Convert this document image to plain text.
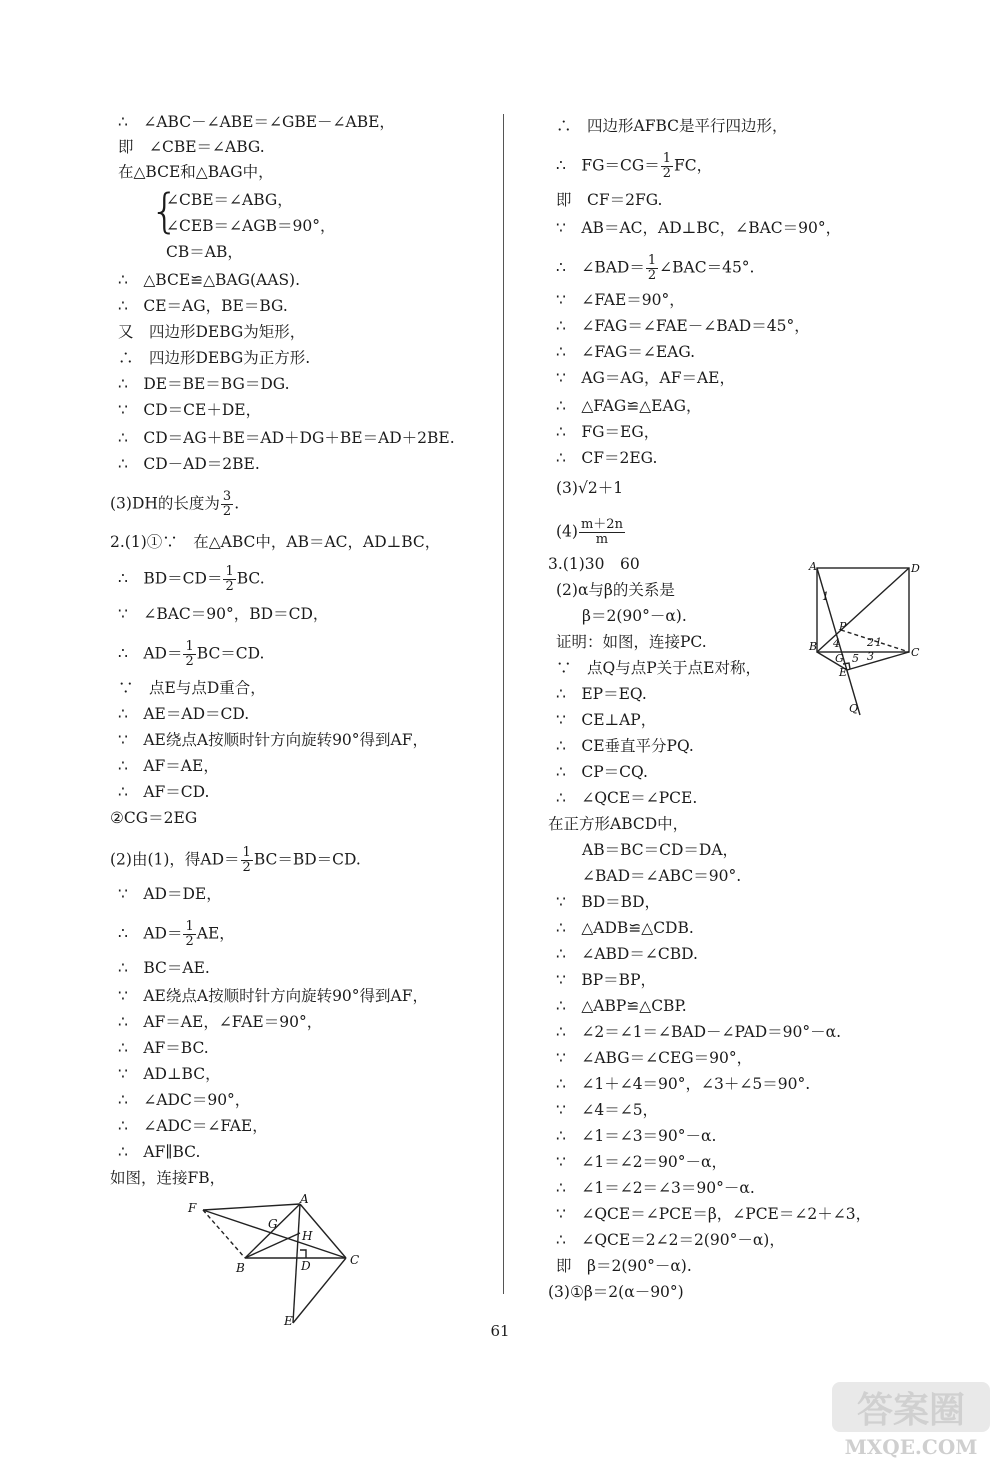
∴　∠ABC－∠ABE＝∠GBE－∠ABE，
即　∠CBE＝∠ABG.
在△BCE和△BAG中，
∠CBE＝∠ABG，
∠CEB＝∠AGB＝90°，
CB＝AB，
∴　△BCE≌△BAG(AAS).
∴　CE＝AG，BE＝BG.
又　四边形DEBG为矩形，
∴　四边形DEBG为正方形.
∴　DE＝BE＝BG＝DG.
∵　CD＝CE＋DE，
∴　CD＝AG＋BE＝AD＋DG＋BE＝AD＋2BE.
∴　CD－AD＝2BE.
2.(1)①∵　在△ABC中，AB＝AC，AD⊥BC，
∴　$BD=CD= \frac{1}{2}$ BC.
∵　∠BAC＝90°，BD＝CD，
∴　$AD= \frac{1}{2} BC=CD$.
∵　点E与点D重合，
∴　AE＝AD＝CD.
∵　AE绕点A按顺时针方向旋转90°得到AF，
∴　AF＝AE，
∴　AF＝CD.
②CG＝2EG
(2)由(1)，得$AD= \frac{1}{2} BC=BD=CD$.
∵　AD＝DE，
∴　$AD= \frac{1}{2}$ AE，
∴　BC＝AE.
∵　AE绕点A按顺时针方向旋转90°得到AF，
∴　AF＝AE，∠FAE＝90°，
∴　AF＝BC.
∵　AD⊥BC，
∴　∠ADC＝90°，
∴　∠ADC＝∠FAE，
∴　AF∥BC.
如图，连接FB，
{
(3)DH的长度为 $\frac{3}{2}$ .
∴　四边形AFBC是平行四边形，
∴　$FG=CG= \frac{1}{2}$ FC，
即　CF＝2FG.
∵　AB＝AC，AD⊥BC，∠BAC＝90°，
∴　∠BAD＝ $\frac{1}{2}$ ∠BAC＝45°.
∵　∠FAE＝90°，
∴　∠FAG＝∠FAE－∠BAD＝45°，
∴　∠FAG＝∠EAG.
∵　AG＝AG，AF＝AE，
∴　△FAG≌△EAG，
∴　FG＝EG，
∴　CF＝2EG.
(3)√2＋1
$(4) \frac{m+2n}{m}$
3.(1)30　60
(2)α与β的关系是
β＝2(90°－α).
证明：如图，连接PC.
∵　点Q与点P关于点E对称，
∴　EP＝EQ.
∵　CE⊥AP，
∴　CE垂直平分PQ.
∴　CP＝CQ.
∴　∠QCE＝∠PCE.
在正方形ABCD中，
AB＝BC＝CD＝DA，
∠BAD＝∠ABC＝90°.
∵　BD＝BD，
∴　△ADB≌△CDB.
∴　∠ABD＝∠CBD.
∵　BP＝BP，
∴　△ABP≌△CBP.
∴　∠2＝∠1＝∠BAD－∠PAD＝90°－α.
∵　∠ABG＝∠CEG＝90°，
∴　∠1＋∠4＝90°，∠3＋∠5＝90°.
∵　∠4＝∠5，
∴　∠1＝∠3＝90°－α.
∵　∠1＝∠2＝90°－α，
∴　∠1＝∠2＝∠3＝90°－α.
∵　∠QCE＝∠PCE＝β，∠PCE＝∠2＋∠3，
∴　∠QCE＝2∠2＝2(90°－α)，
即　β＝2(90°－α).
(3)①β＝2(α－90°)
F
A
G
H
B	D	C
E
A	D
1
P
4 2 1
B
G 5 3	C
E
Q
61
答案圈
MXQE.COM
